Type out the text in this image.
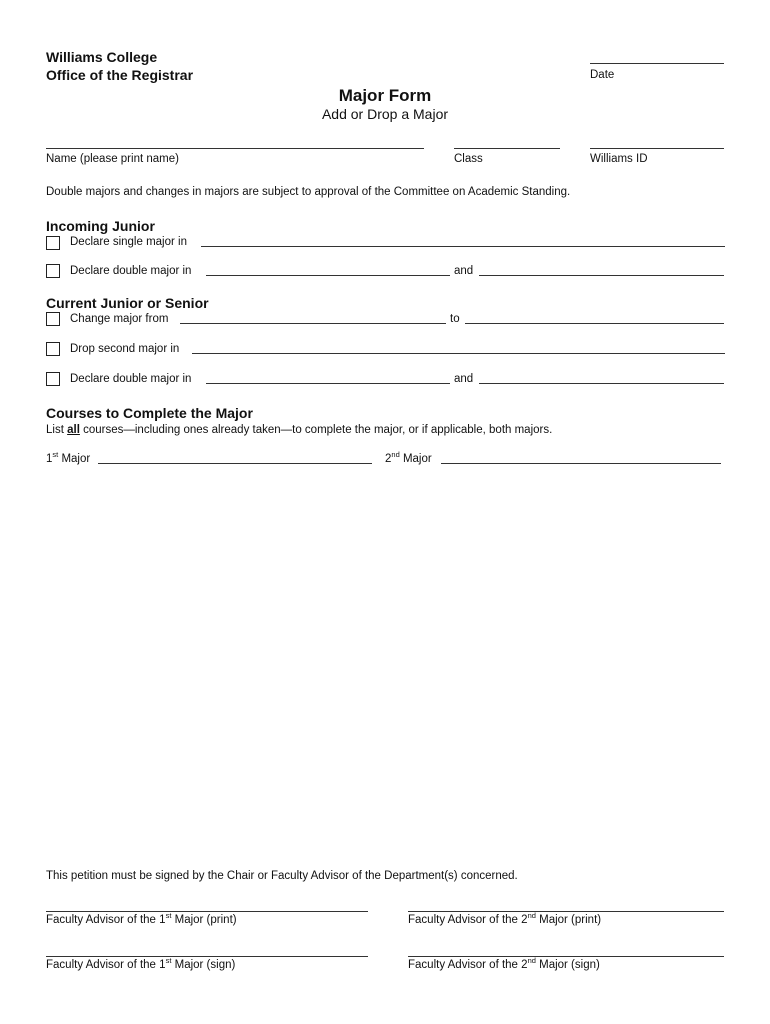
Williams College
Office of the Registrar	Date
Major Form
Add or Drop a Major
Name (please print name)	Class	Williams ID
Double majors and changes in majors are subject to approval of the Committee on Academic Standing.
Incoming Junior
Declare single major in
Declare double major in	and
Current Junior or Senior
Change major from	to
Drop second major in
Declare double major in	and
Courses to Complete the Major
List all courses—including ones already taken—to complete the major, or if applicable, both majors.
1st Major	2nd Major
This petition must be signed by the Chair or Faculty Advisor of the Department(s) concerned.
Faculty Advisor of the 1st Major (print)	Faculty Advisor of the 2nd Major (print)
Faculty Advisor of the 1st Major (sign)	Faculty Advisor of the 2nd Major (sign)
